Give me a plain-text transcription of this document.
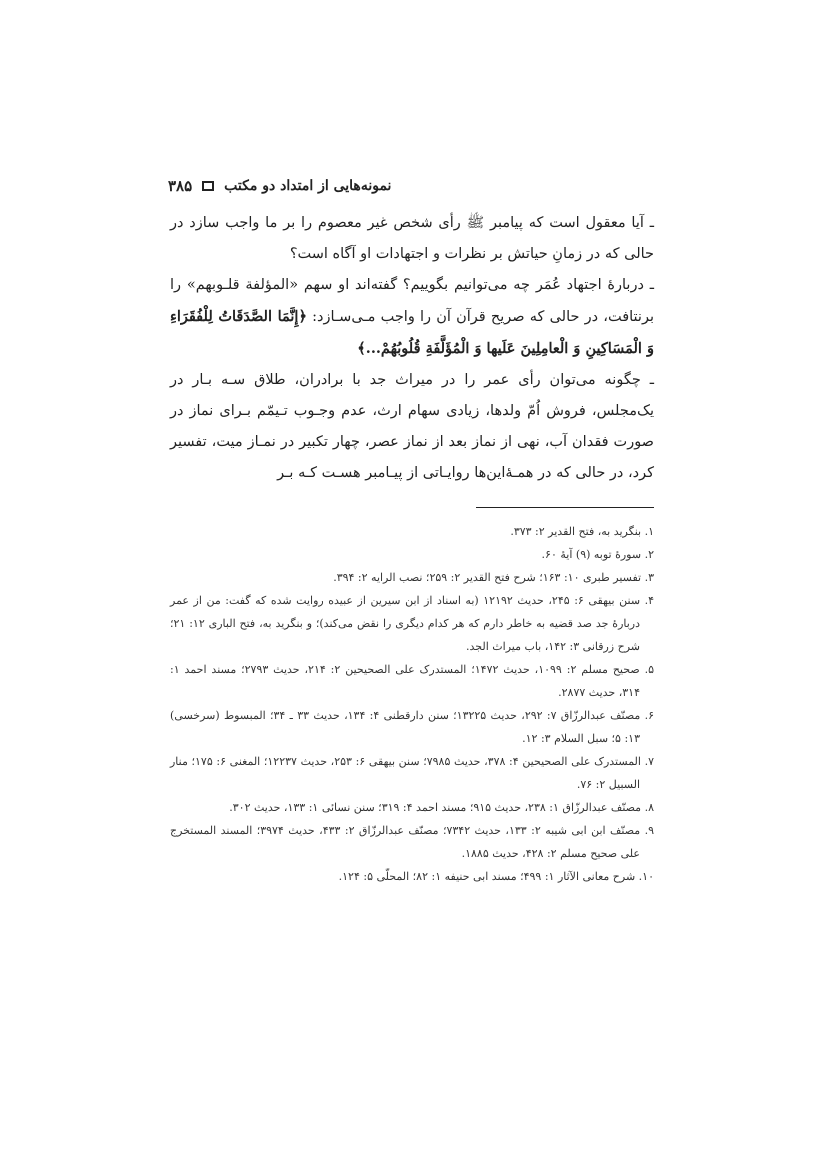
۳۸۵ نمونه‌هایی از امتداد دو مکتب

ـ آیا معقول است که پیامبر ﷺ رأی شخص غیر معصوم را بر ما واجب سازد در حالی که در زمانِ حیاتش بر نظرات و اجتهادات او آگاه است؟

ـ دربارهٔ اجتهاد عُمَر چه می‌توانیم بگوییم؟ گفته‌اند او سهم «المؤلفة قلـوبهم» را برنتافت، در حالی که صریح قرآن آن را واجب مـی‌سـازد: ﴿إِنَّمَا الصَّدَقَاتُ لِلْفُقَرَاءِ وَ الْمَسَاكِينِ وَ الْعامِلِينَ عَلَيها وَ الْمُؤَلَّفَةِ قُلُوبُهُمْ...﴾

ـ چگونه می‌توان رأی عمر را در میراث جد با برادران، طلاق سـه بـار در یک‌مجلس، فروش اُمّ ولدها، زیادی سهام ارث، عدم وجـوب تـیمّم بـرای نماز در صورت فقدان آب، نهی از نماز بعد از نماز عصر، چهار تکبیر در نمـاز میت، تفسیر کرد، در حالی که در همـهٔ‌این‌ها روایـاتی از پیـامبر هسـت کـه بـر

۱. بنگرید به، فتح القدیر ۲: ۳۷۳.
۲. سورهٔ توبه (۹) آیهٔ ۶۰.
۳. تفسیر طبری ۱۰: ۱۶۳؛ شرح فتح القدیر ۲: ۲۵۹؛ نصب الرایه ۲: ۳۹۴.
۴. سنن بیهقی ۶: ۲۴۵، حدیث ۱۲۱۹۲ (به اسناد از ابن سیرین از عبیده روایت شده که گفت: من از عمر دربارهٔ جد صد قضیه به خاطر دارم که هر کدام دیگری را نقض می‌کند)؛ و بنگرید به، فتح الباری ۱۲: ۲۱؛ شرح زرقانی ۳: ۱۴۲، باب میراث الجد.
۵. صحیح مسلم ۲: ۱۰۹۹، حدیث ۱۴۷۲؛ المستدرک علی الصحیحین ۲: ۲۱۴، حدیث ۲۷۹۳؛ مسند احمد ۱: ۳۱۴، حدیث ۲۸۷۷.
۶. مصنّف عبدالرزّاق ۷: ۲۹۲، حدیث ۱۳۲۲۵؛ سنن دارقطنی ۴: ۱۳۴، حدیث ۳۳ ـ ۳۴؛ المبسوط (سرخسی) ۱۳: ۵؛ سبل السلام ۳: ۱۲.
۷. المستدرک علی الصحیحین ۴: ۳۷۸، حدیث ۷۹۸۵؛ سنن بیهقی ۶: ۲۵۳، حدیث ۱۲۲۳۷؛ المغنی ۶: ۱۷۵؛ منار السبیل ۲: ۷۶.
۸. مصنّف عبدالرزّاق ۱: ۲۳۸، حدیث ۹۱۵؛ مسند احمد ۴: ۳۱۹؛ سنن نسائی ۱: ۱۳۳، حدیث ۳۰۲.
۹. مصنّف ابن ابی شیبه ۲: ۱۳۳، حدیث ۷۳۴۲؛ مصنّف عبدالرزّاق ۲: ۴۳۳، حدیث ۳۹۷۴؛ المسند المستخرج علی صحیح مسلم ۲: ۴۲۸، حدیث ۱۸۸۵.
۱۰. شرح معانی الآثار ۱: ۴۹۹؛ مسند ابی حنیفه ۱: ۸۲؛ المحلّی ۵: ۱۲۴.
